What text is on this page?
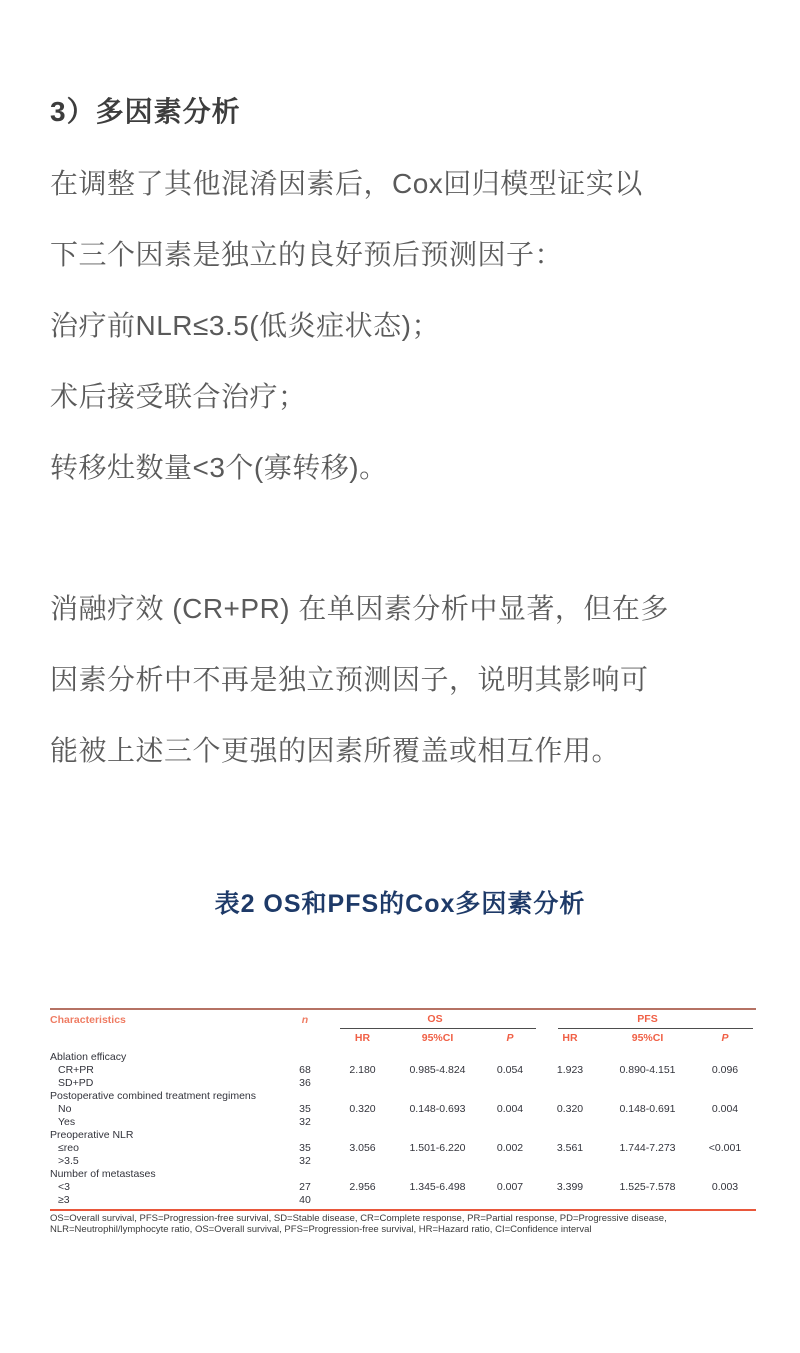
3）多因素分析
在调整了其他混淆因素后，Cox回归模型证实以
下三个因素是独立的良好预后预测因子：
治疗前NLR≤3.5(低炎症状态)；
术后接受联合治疗；
转移灶数量<3个(寡转移)。
消融疗效 (CR+PR) 在单因素分析中显著，但在多
因素分析中不再是独立预测因子，说明其影响可
能被上述三个更强的因素所覆盖或相互作用。
表2 OS和PFS的Cox多因素分析
Characteristics	n	OS	PFS
HR	95%CI	P	HR	95%CI	P
Ablation efficacy
CR+PR	68	2.180	0.985-4.824	0.054	1.923	0.890-4.151	0.096
SD+PD	36
Postoperative combined treatment regimens
No	35	0.320	0.148-0.693	0.004	0.320	0.148-0.691	0.004
Yes	32
Preoperative NLR
≤reo	35	3.056	1.501-6.220	0.002	3.561	1.744-7.273	<0.001
>3.5	32
Number of metastases
<3	27	2.956	1.345-6.498	0.007	3.399	1.525-7.578	0.003
≥3	40
OS=Overall survival, PFS=Progression-free survival, SD=Stable disease, CR=Complete response, PR=Partial response, PD=Progressive disease,
NLR=Neutrophil/lymphocyte ratio, OS=Overall survival, PFS=Progression-free survival, HR=Hazard ratio, CI=Confidence interval
